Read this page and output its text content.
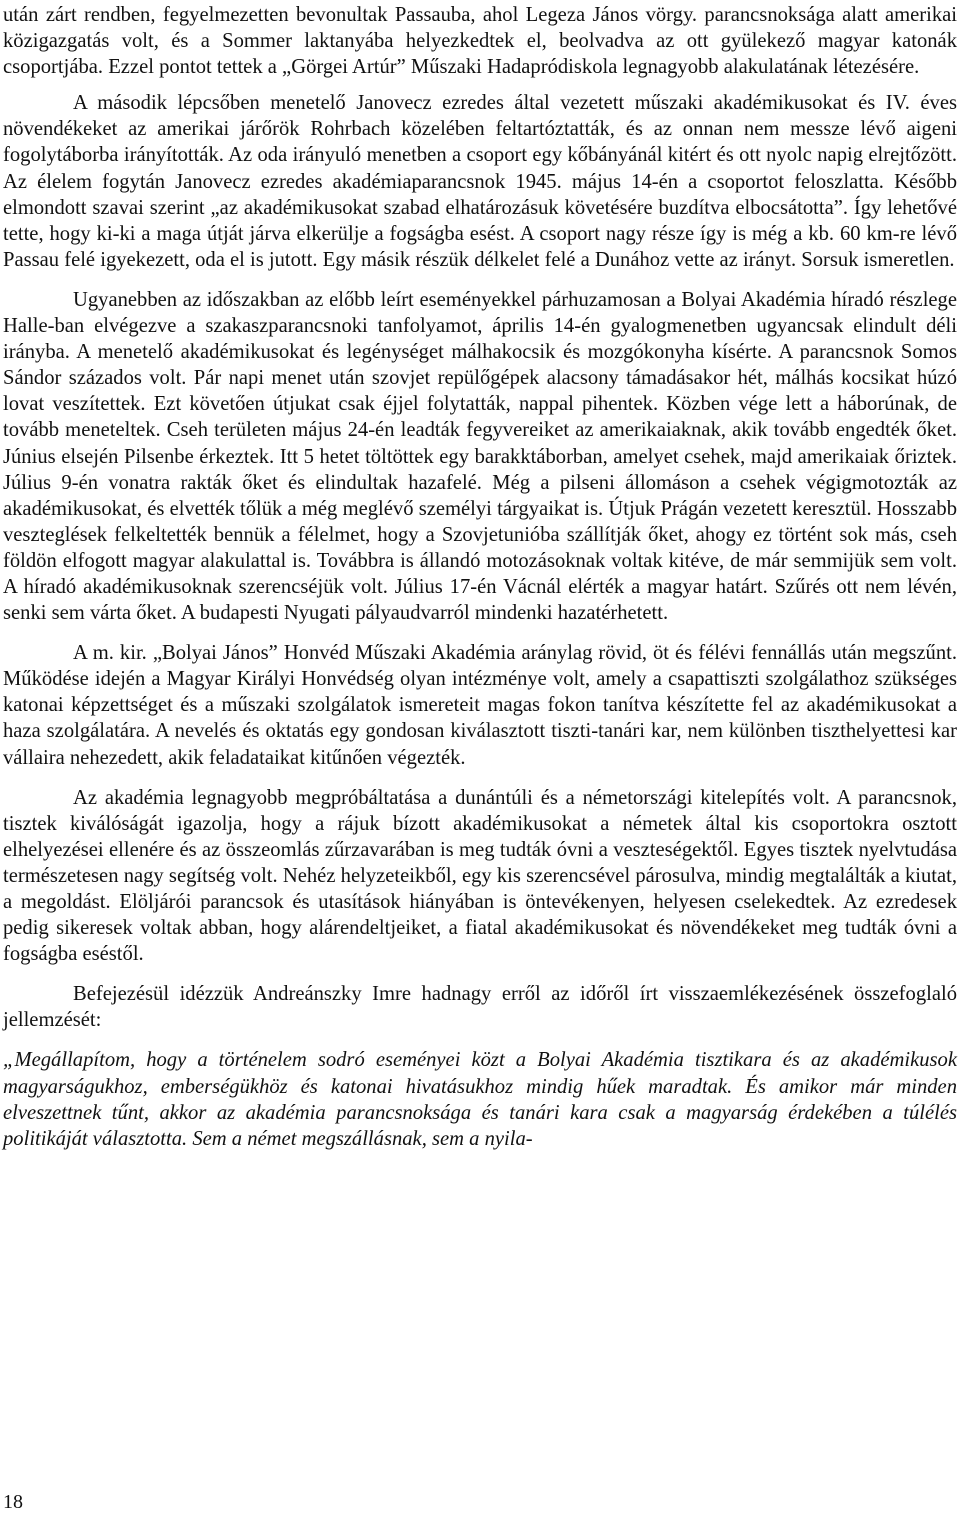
után zárt rendben, fegyelmezetten bevonultak Passauba, ahol Legeza János vörgy. parancsnoksága alatt amerikai közigazgatás volt, és a Sommer laktanyába helyezkedtek el, beolvadva az ott gyülekező magyar katonák csoportjába. Ezzel pontot tettek a „Görgei Artúr” Műszaki Hadapródiskola legnagyobb alakulatának létezésére.

A második lépcsőben menetelő Janovecz ezredes által vezetett műszaki akadémikusokat és IV. éves növendékeket az amerikai járőrök Rohrbach közelében feltartóztatták, és az onnan nem messze lévő aigeni fogolytáborba irányították. Az oda irányuló menetben a csoport egy kőbányánál kitért és ott nyolc napig elrejtőzött. Az élelem fogytán Janovecz ezredes akadémiaparancsnok 1945. május 14-én a csoportot feloszlatta. Később elmondott szavai szerint „az akadémikusokat szabad elhatározásuk követésére buzdítva elbocsátotta”. Így lehetővé tette, hogy ki-ki a maga útját járva elkerülje a fogságba esést. A csoport nagy része így is még a kb. 60 km-re lévő Passau felé igyekezett, oda el is jutott. Egy másik részük délkelet felé a Dunához vette az irányt. Sorsuk ismeretlen.

Ugyanebben az időszakban az előbb leírt eseményekkel párhuzamosan a Bolyai Akadémia híradó részlege Halle-ban elvégezve a szakaszparancsnoki tanfolyamot, április 14-én gyalogmenetben ugyancsak elindult déli irányba. A menetelő akadémikusokat és legénységet málhakocsik és mozgókonyha kísérte. A parancsnok Somos Sándor százados volt. Pár napi menet után szovjet repülőgépek alacsony támadásakor hét, málhás kocsikat húzó lovat veszítettek. Ezt követően útjukat csak éjjel folytatták, nappal pihentek. Közben vége lett a háborúnak, de tovább meneteltek. Cseh területen május 24-én leadták fegyvereiket az amerikaiaknak, akik tovább engedték őket. Június elsején Pilsenbe érkeztek. Itt 5 hetet töltöttek egy barakktáborban, amelyet csehek, majd amerikaiak őriztek. Július 9-én vonatra rakták őket és elindultak hazafelé. Még a pilseni állomáson a csehek végigmotozták az akadémikusokat, és elvették tőlük a még meglévő személyi tárgyaikat is. Útjuk Prágán vezetett keresztül. Hosszabb veszteglések felkeltették bennük a félelmet, hogy a Szovjetunióba szállítják őket, ahogy ez történt sok más, cseh földön elfogott magyar alakulattal is. Továbbra is állandó motozásoknak voltak kitéve, de már semmijük sem volt. A híradó akadémikusoknak szerencséjük volt. Július 17-én Vácnál elérték a magyar határt. Szűrés ott nem lévén, senki sem várta őket. A budapesti Nyugati pályaudvarról mindenki hazatérhetett.

A m. kir. „Bolyai János” Honvéd Műszaki Akadémia aránylag rövid, öt és félévi fennállás után megszűnt. Működése idején a Magyar Királyi Honvédség olyan intézménye volt, amely a csapattiszti szolgálathoz szükséges katonai képzettséget és a műszaki szolgálatok ismereteit magas fokon tanítva készítette fel az akadémikusokat a haza szolgálatára. A nevelés és oktatás egy gondosan kiválasztott tiszti-tanári kar, nem különben tiszthelyettesi kar vállaira nehezedett, akik feladataikat kitűnően végezték.

Az akadémia legnagyobb megpróbáltatása a dunántúli és a németországi kitelepítés volt. A parancsnok, tisztek kiválóságát igazolja, hogy a rájuk bízott akadémikusokat a németek által kis csoportokra osztott elhelyezései ellenére és az összeomlás zűrzavarában is meg tudták óvni a veszteségektől. Egyes tisztek nyelvtudása természetesen nagy segítség volt. Nehéz helyzeteikből, egy kis szerencsével párosulva, mindig megtalálták a kiutat, a megoldást. Elöljárói parancsok és utasítások hiányában is öntevékenyen, helyesen cselekedtek. Az ezredesek pedig sikeresek voltak abban, hogy alárendeltjeiket, a fiatal akadémikusokat és növendékeket meg tudták óvni a fogságba eséstől.

Befejezésül idézzük Andreánszky Imre hadnagy erről az időről írt visszaemlékezésének összefoglaló jellemzését:

„Megállapítom, hogy a történelem sodró eseményei közt a Bolyai Akadémia tisztikara és az akadémikusok magyarságukhoz, emberségükhöz és katonai hivatásukhoz mindig hűek maradtak. És amikor már minden elveszettnek tűnt, akkor az akadémia parancsnoksága és tanári kara csak a magyarság érdekében a túlélés politikáját választotta. Sem a német megszállásnak, sem a nyila-

18
